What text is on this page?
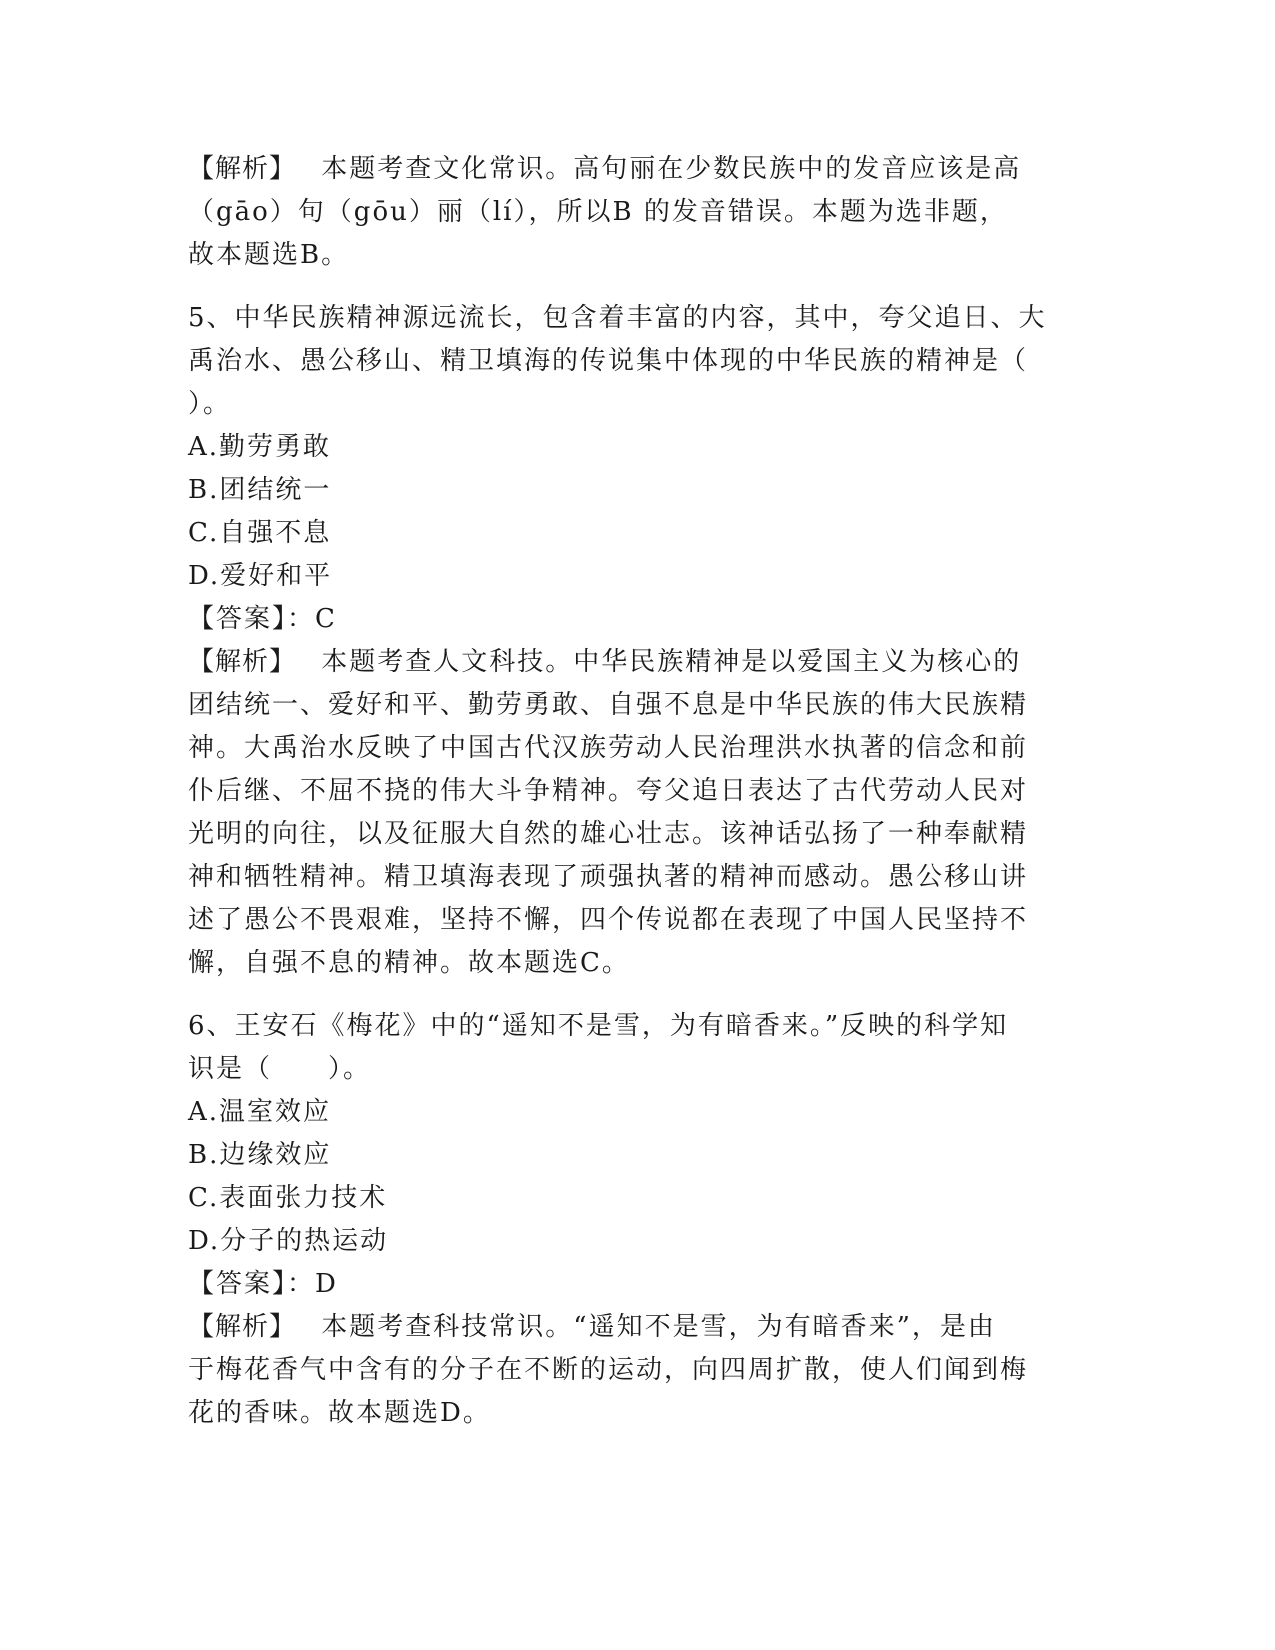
【解析】　 本题考查文化常识。高句丽在少数民族中的发音应该是高
（gāo）句（gōu）丽（lí），所以B 的发音错误。本题为选非题，
故本题选B。
5、中华民族精神源远流长，包含着丰富的内容，其中，夸父追日、大
禹治水、愚公移山、精卫填海的传说集中体现的中华民族的精神是（
）。
A.勤劳勇敢
B.团结统一
C.自强不息
D.爱好和平
【答案】：C
【解析】　 本题考查人文科技。中华民族精神是以爱国主义为核心的
团结统一、爱好和平、勤劳勇敢、自强不息是中华民族的伟大民族精
神。大禹治水反映了中国古代汉族劳动人民治理洪水执著的信念和前
仆后继、不屈不挠的伟大斗争精神。夸父追日表达了古代劳动人民对
光明的向往，以及征服大自然的雄心壮志。该神话弘扬了一种奉献精
神和牺牲精神。精卫填海表现了顽强执著的精神而感动。愚公移山讲
述了愚公不畏艰难，坚持不懈，四个传说都在表现了中国人民坚持不
懈，自强不息的精神。故本题选C。
6、王安石《梅花》中的“遥知不是雪，为有暗香来。”反映的科学知
识是（　　）。
A.温室效应
B.边缘效应
C.表面张力技术
D.分子的热运动
【答案】：D
【解析】　 本题考查科技常识。“遥知不是雪，为有暗香来”，是由
于梅花香气中含有的分子在不断的运动，向四周扩散，使人们闻到梅
花的香味。故本题选D。
